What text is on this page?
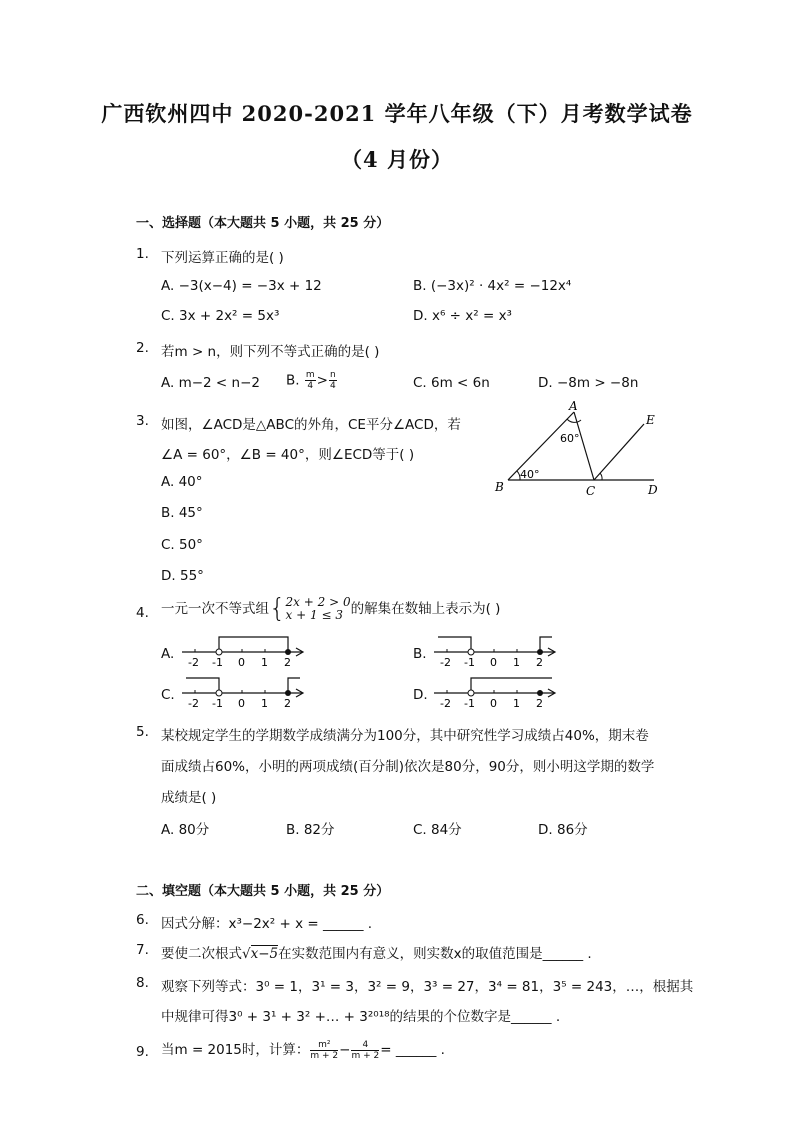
广西钦州四中 2020-2021 学年八年级（下）月考数学试卷
（4 月份）
一、选择题（本大题共 5 小题，共 25 分）
1. 下列运算正确的是( )
A. −3(x−4) = −3x + 12	B. (−3x)² · 4x² = −12x⁴
C. 3x + 2x² = 5x³	D. x⁶ ÷ x² = x³
2. 若m > n，则下列不等式正确的是( )
A. m−2 < n−2 B. $\frac{m}{4} > \frac{n}{4}$	C. 6m < 6n	D. −8m > −8n
3. 如图，∠ACD是△ABC的外角，CE平分∠ACD，若
∠A = 60°，∠B = 40°，则∠ECD等于( )
A. 40°
B. 45°
C. 50°
D. 55°
A
B	C	D
E
60°
40°
4. 一元一次不等式组{ 2x + 2 > 0
x + 1 ≤ 3 的解集在数轴上表示为( )
A.	B.
C.	D.
-2 -1 0 1 2	-2 -1 0 1 2
-2 -1 0 1 2	-2 -1 0 1 2
5. 某校规定学生的学期数学成绩满分为100分，其中研究性学习成绩占40%，期末卷
面成绩占60%，小明的两项成绩(百分制)依次是80分，90分，则小明这学期的数学
成绩是( )
A. 80分	B. 82分	C. 84分	D. 86分
二、填空题（本大题共 5 小题，共 25 分）
6. 因式分解：x³−2x² + x = ______ .
7. 要使二次根式√x−5在实数范围内有意义，则实数x的取值范围是______ .
8. 观察下列等式：3⁰ = 1，3¹ = 3，3² = 9，3³ = 27，3⁴ = 81，3⁵ = 243，…，根据其
中规律可得3⁰ + 3¹ + 3² +… + 3²⁰¹⁸的结果的个位数字是______ .
9. 当m = 2015时，计算： $\frac{\text{m²}}{m + 2} - \frac{4}{m + 2}$ = ______ .
